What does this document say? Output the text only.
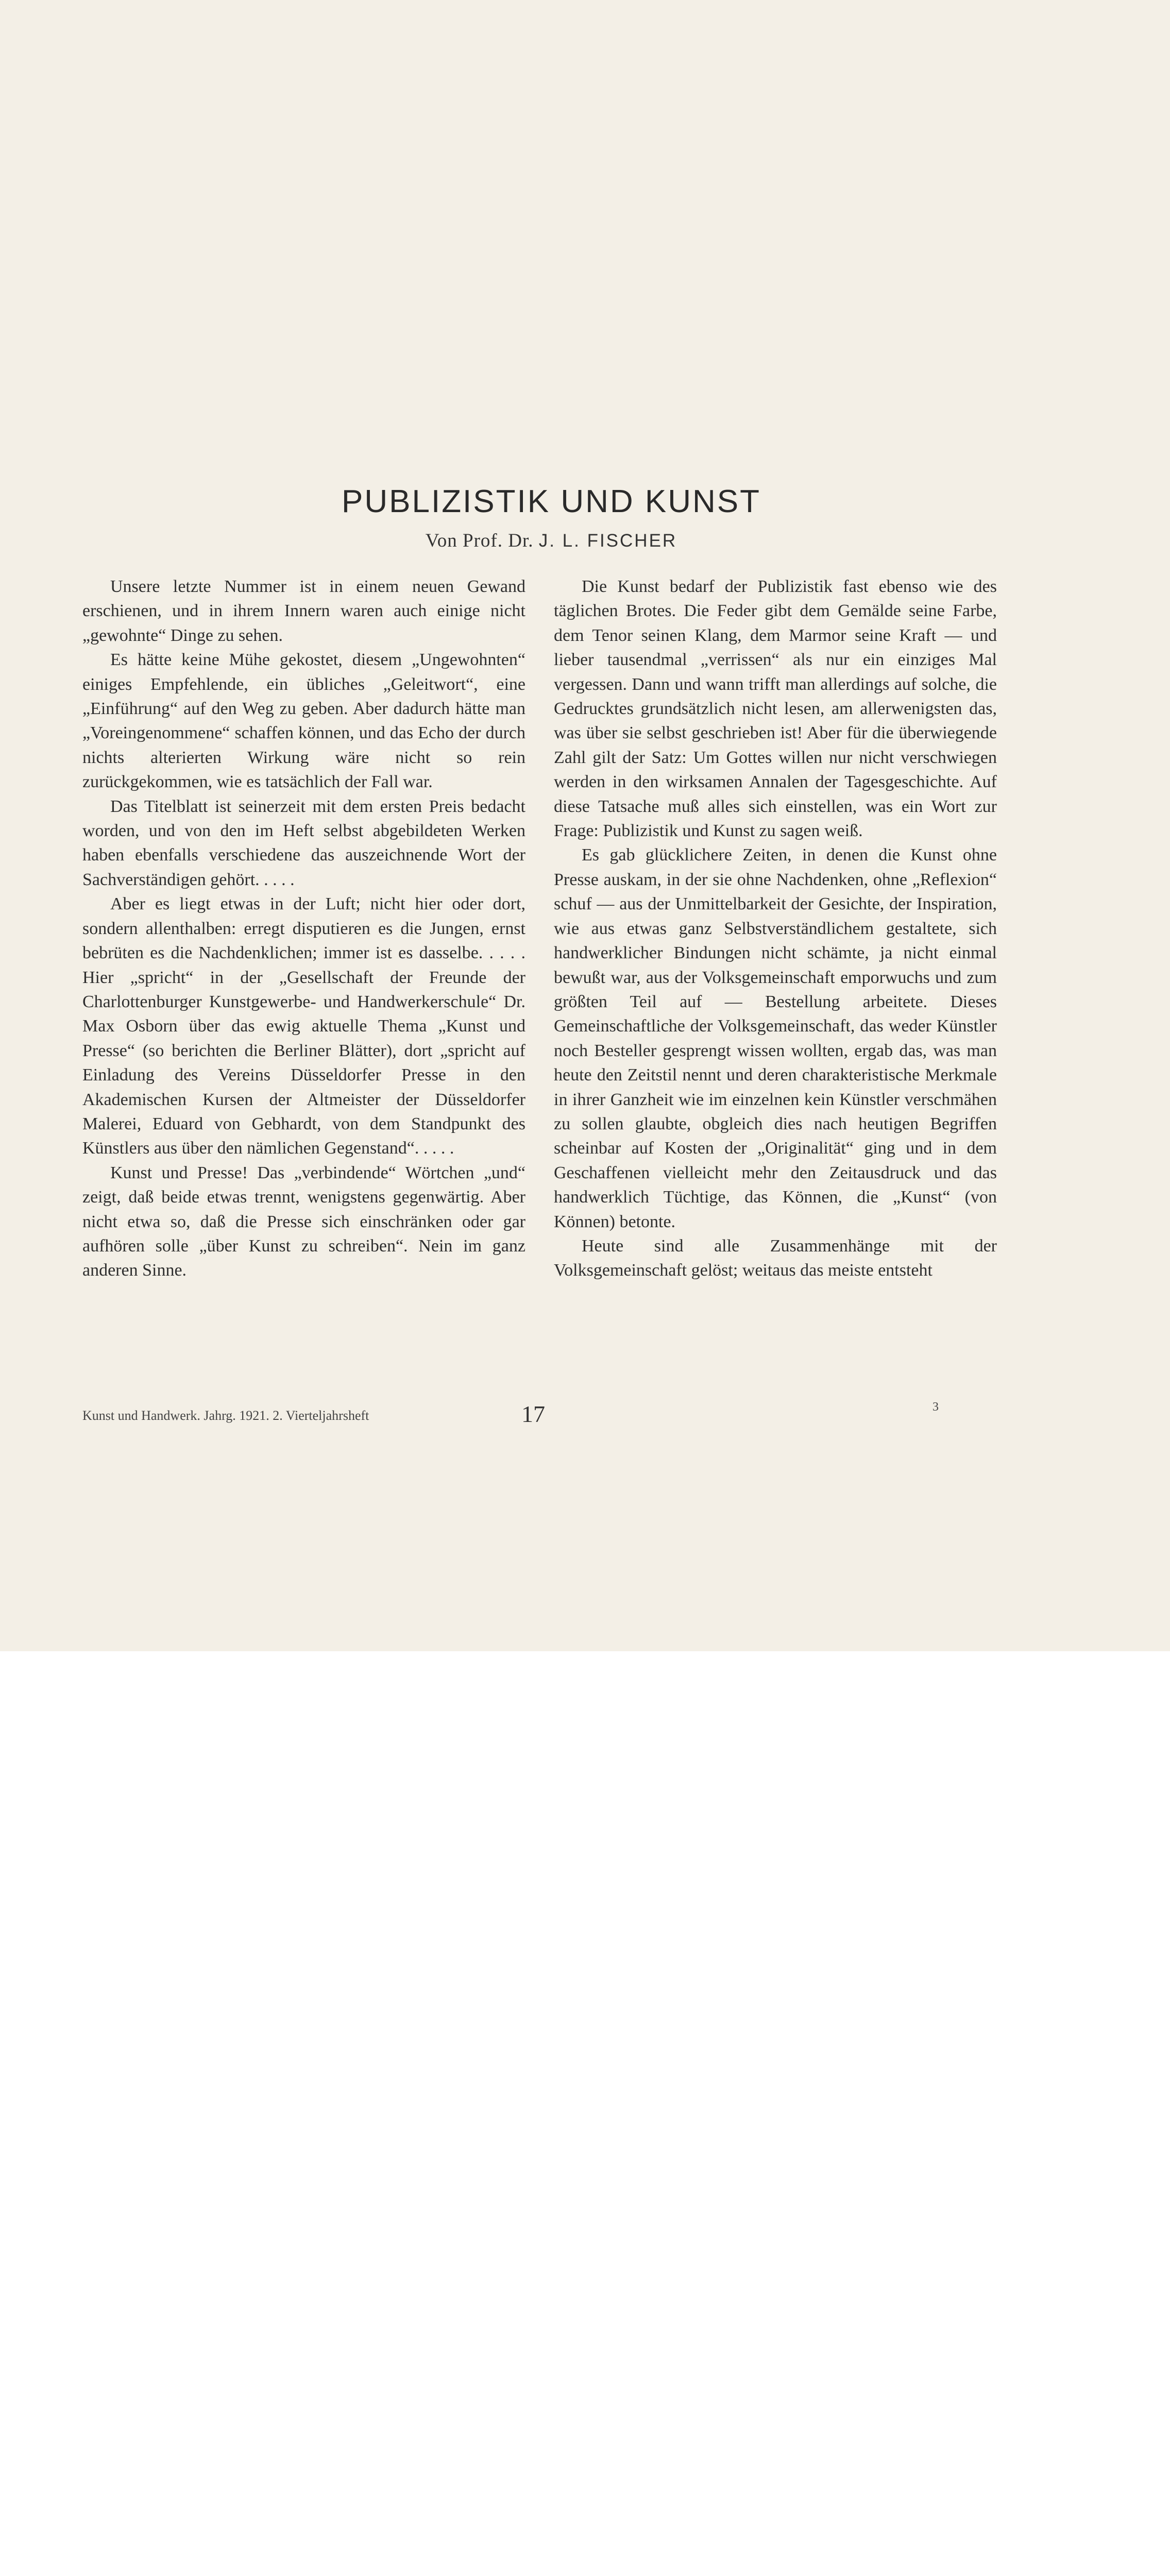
PUBLIZISTIK UND KUNST
Von Prof. Dr. J. L. FISCHER

Unsere letzte Nummer ist in einem neuen Gewand erschienen, und in ihrem Innern waren auch einige nicht „gewohnte“ Dinge zu sehen.

Es hätte keine Mühe gekostet, diesem „Ungewohnten“ einiges Empfehlende, ein übliches „Geleitwort“, eine „Einführung“ auf den Weg zu geben. Aber dadurch hätte man „Voreingenommene“ schaffen können, und das Echo der durch nichts alterierten Wirkung wäre nicht so rein zurückgekommen, wie es tatsächlich der Fall war.

Das Titelblatt ist seinerzeit mit dem ersten Preis bedacht worden, und von den im Heft selbst abgebildeten Werken haben ebenfalls verschiedene das auszeichnende Wort der Sachverständigen gehört. . . . .

Aber es liegt etwas in der Luft; nicht hier oder dort, sondern allenthalben: erregt disputieren es die Jungen, ernst bebrüten es die Nachdenklichen; immer ist es dasselbe. . . . . Hier „spricht“ in der „Gesellschaft der Freunde der Charlottenburger Kunstgewerbe- und Handwerkerschule“ Dr. Max Osborn über das ewig aktuelle Thema „Kunst und Presse“ (so berichten die Berliner Blätter), dort „spricht auf Einladung des Vereins Düsseldorfer Presse in den Akademischen Kursen der Altmeister der Düsseldorfer Malerei, Eduard von Gebhardt, von dem Standpunkt des Künstlers aus über den nämlichen Gegenstand“. . . . .

Kunst und Presse! Das „verbindende“ Wörtchen „und“ zeigt, daß beide etwas trennt, wenigstens gegenwärtig. Aber nicht etwa so, daß die Presse sich einschränken oder gar aufhören solle „über Kunst zu schreiben“. Nein im ganz anderen Sinne.

Die Kunst bedarf der Publizistik fast ebenso wie des täglichen Brotes. Die Feder gibt dem Gemälde seine Farbe, dem Tenor seinen Klang, dem Marmor seine Kraft — und lieber tausendmal „verrissen“ als nur ein einziges Mal vergessen. Dann und wann trifft man allerdings auf solche, die Gedrucktes grundsätzlich nicht lesen, am allerwenigsten das, was über sie selbst geschrieben ist! Aber für die überwiegende Zahl gilt der Satz: Um Gottes willen nur nicht verschwiegen werden in den wirksamen Annalen der Tagesgeschichte. Auf diese Tatsache muß alles sich einstellen, was ein Wort zur Frage: Publizistik und Kunst zu sagen weiß.

Es gab glücklichere Zeiten, in denen die Kunst ohne Presse auskam, in der sie ohne Nachdenken, ohne „Reflexion“ schuf — aus der Unmittelbarkeit der Gesichte, der Inspiration, wie aus etwas ganz Selbstverständlichem gestaltete, sich handwerklicher Bindungen nicht schämte, ja nicht einmal bewußt war, aus der Volksgemeinschaft emporwuchs und zum größten Teil auf — Bestellung arbeitete. Dieses Gemeinschaftliche der Volksgemeinschaft, das weder Künstler noch Besteller gesprengt wissen wollten, ergab das, was man heute den Zeitstil nennt und deren charakteristische Merkmale in ihrer Ganzheit wie im einzelnen kein Künstler verschmähen zu sollen glaubte, obgleich dies nach heutigen Begriffen scheinbar auf Kosten der „Originalität“ ging und in dem Geschaffenen vielleicht mehr den Zeitausdruck und das handwerklich Tüchtige, das Können, die „Kunst“ (von Können) betonte.

Heute sind alle Zusammenhänge mit der Volksgemeinschaft gelöst; weitaus das meiste entsteht

Kunst und Handwerk. Jahrg. 1921. 2. Vierteljahrsheft	17	3
